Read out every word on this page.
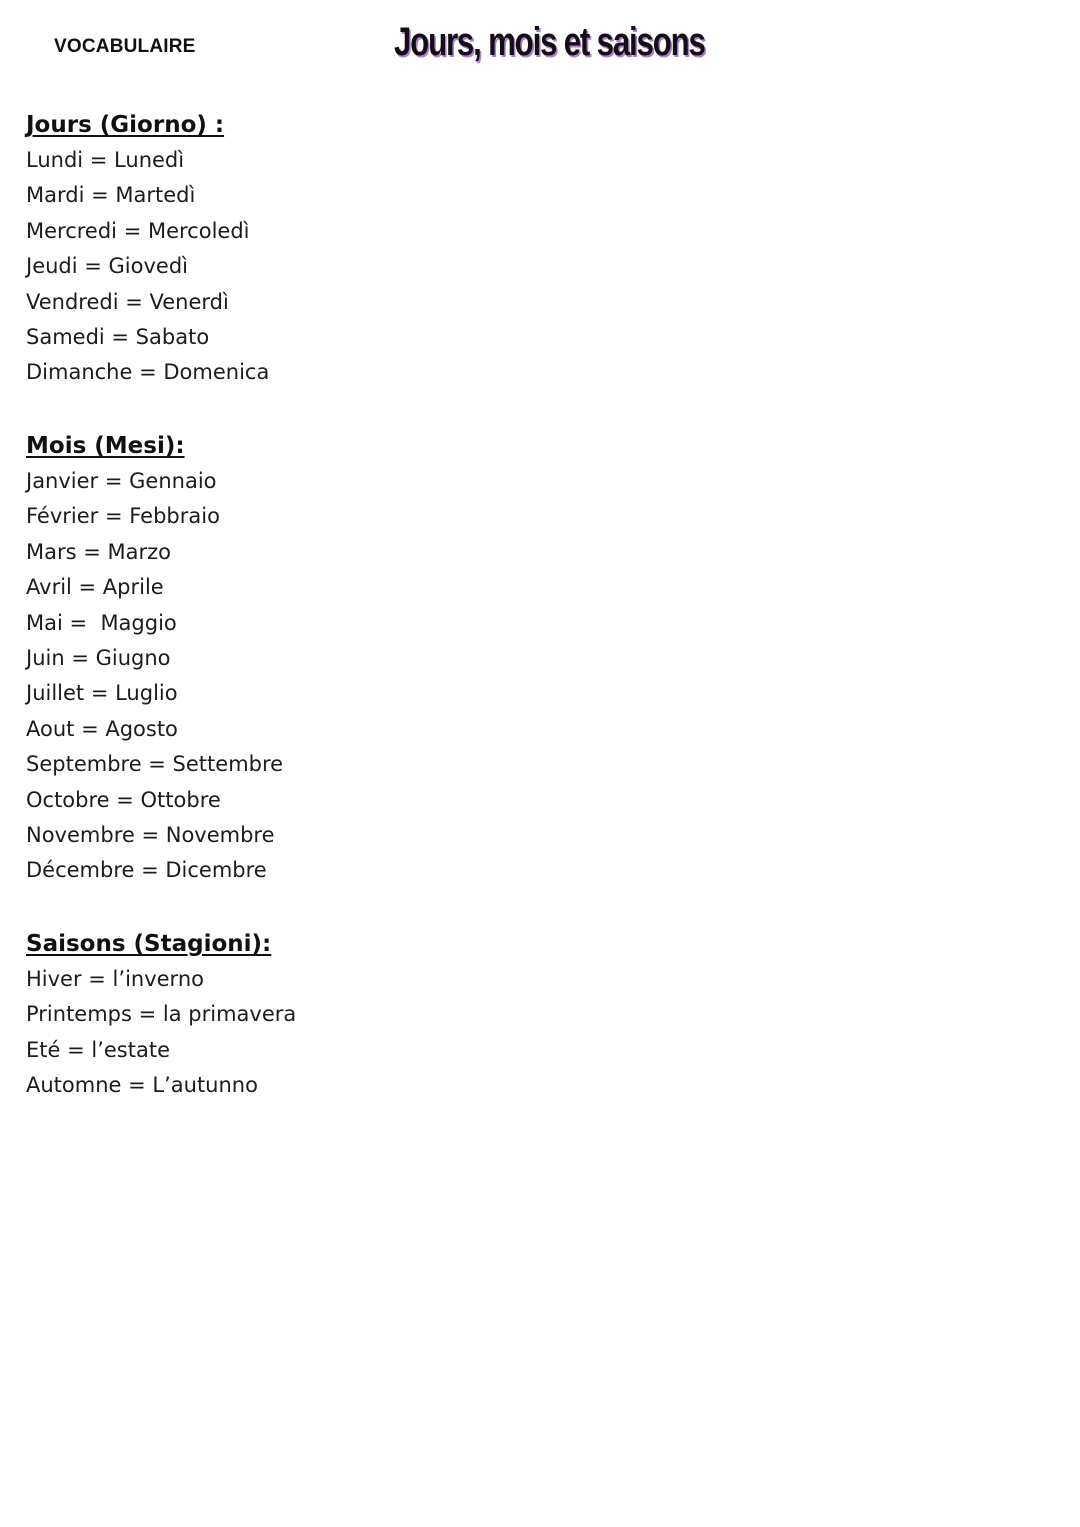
VOCABULAIRE	Jours, mois et saisons
Jours (Giorno) :
Lundi = Lunedì
Mardi = Martedì
Mercredi = Mercoledì
Jeudi = Giovedì
Vendredi = Venerdì
Samedi = Sabato
Dimanche = Domenica
Mois (Mesi):
Janvier = Gennaio
Février = Febbraio
Mars = Marzo
Avril = Aprile
Mai =  Maggio
Juin = Giugno
Juillet = Luglio
Aout = Agosto
Septembre = Settembre
Octobre = Ottobre
Novembre = Novembre
Décembre = Dicembre
Saisons (Stagioni):
Hiver = l’inverno
Printemps = la primavera
Eté = l’estate
Automne = L’autunno
